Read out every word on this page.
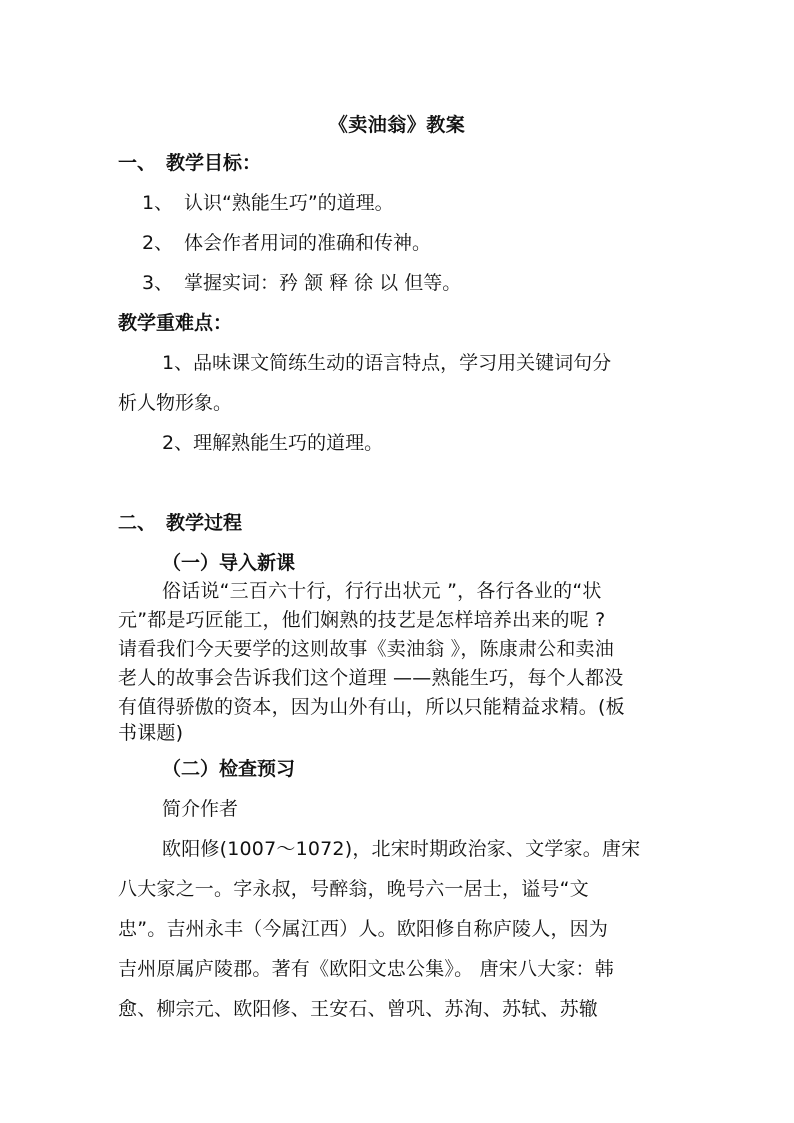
《卖油翁》教案
一、 教学目标：
1、 认识“熟能生巧”的道理。
2、 体会作者用词的准确和传神。
3、 掌握实词：矜 颔 释 徐 以 但等。
教学重难点：
1、品味课文简练生动的语言特点，学习用关键词句分
析人物形象。
2、理解熟能生巧的道理。
二、 教学过程
（一）导入新课
俗话说“三百六十行，行行出状元 ”，各行各业的“状
元”都是巧匠能工，他们娴熟的技艺是怎样培养出来的呢 ?
请看我们今天要学的这则故事《卖油翁 》，陈康肃公和卖油
老人的故事会告诉我们这个道理 ——熟能生巧，每个人都没
有值得骄傲的资本，因为山外有山，所以只能精益求精。(板
书课题)
（二）检查预习
简介作者
欧阳修(1007～1072)，北宋时期政治家、文学家。唐宋
八大家之一。字永叔，号醉翁，晚号六一居士，谥号“文
忠”。吉州永丰（今属江西）人。欧阳修自称庐陵人，因为
吉州原属庐陵郡。著有《欧阳文忠公集》。 唐宋八大家：韩
愈、柳宗元、欧阳修、王安石、曾巩、苏洵、苏轼、苏辙
